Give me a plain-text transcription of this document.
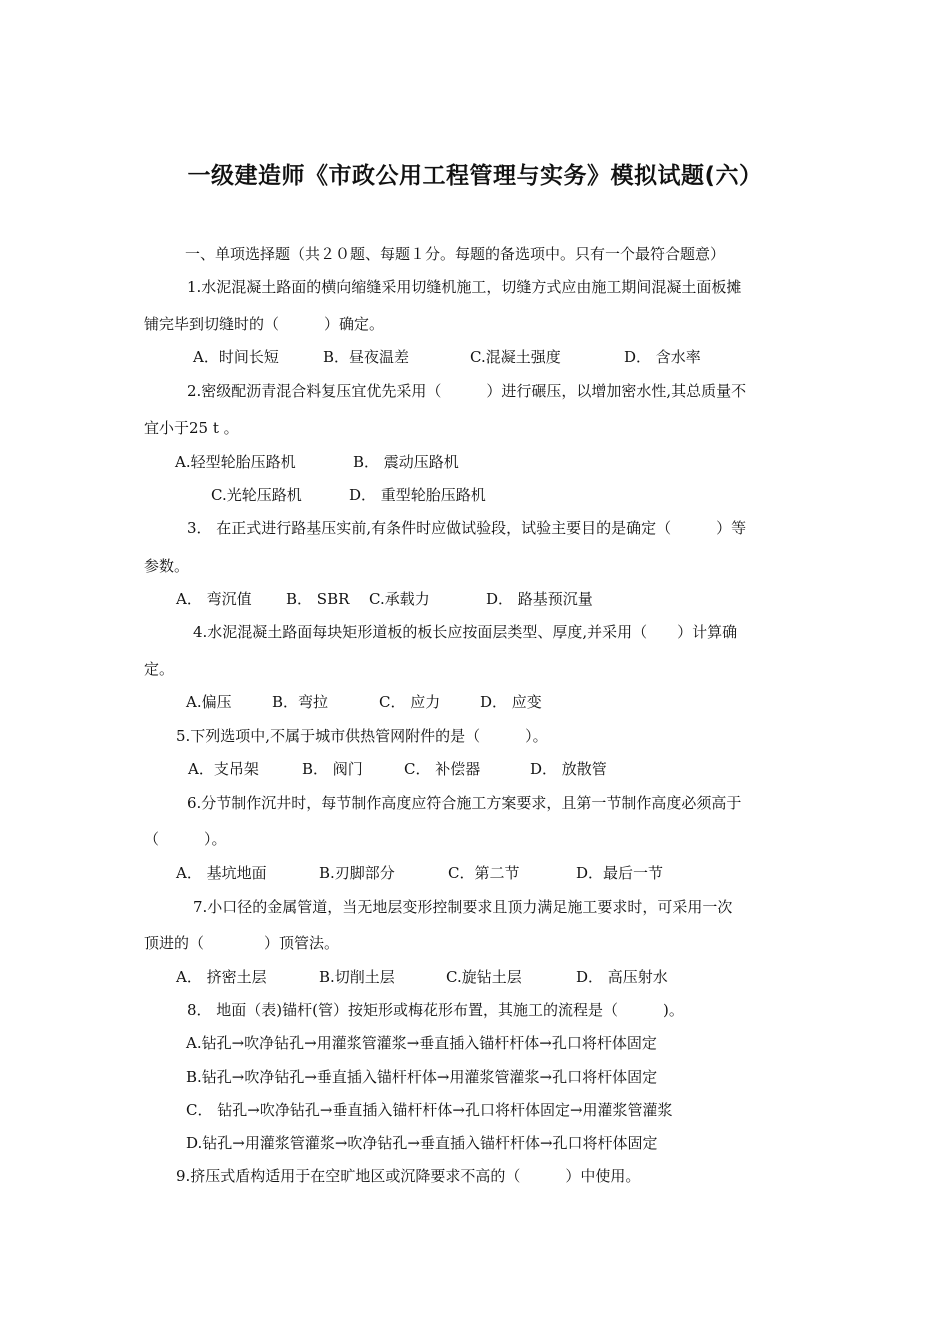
一级建造师《市政公用工程管理与实务》模拟试题(六）
一、单项选择题（共２０题、每题１分。每题的备选项中。只有一个最符合题意）
1.水泥混凝土路面的横向缩缝采用切缝机施工，切缝方式应由施工期间混凝土面板摊
铺完毕到切缝时的（　　　）确定。
A．时间长短	B．昼夜温差	C.混凝土强度	D． 含水率
2.密级配沥青混合料复压宜优先采用（　　　）进行碾压，以增加密水性,其总质量不
宜小于25 t 。
A.轻型轮胎压路机	B． 震动压路机
C.光轮压路机	D． 重型轮胎压路机
3． 在正式进行路基压实前,有条件时应做试验段，试验主要目的是确定（　　　）等
参数。
A． 弯沉值 B． SBR C.承载力	D． 路基预沉量
4.水泥混凝土路面每块矩形道板的板长应按面层类型、厚度,并采用（　　）计算确
定。
A.偏压	B．弯拉	C． 应力	D． 应变
5.下列选项中,不属于城市供热管网附件的是（　　　）。
A．支吊架	B． 阀门	C． 补偿器	D． 放散管
6.分节制作沉井时，每节制作高度应符合施工方案要求，且第一节制作高度必须高于
（　　　）。
A． 基坑地面	B.刃脚部分	C．第二节	D．最后一节
7.小口径的金属管道，当无地层变形控制要求且顶力满足施工要求时，可采用一次
顶进的（　　　　）顶管法。
A． 挤密土层	B.切削土层	C.旋钻土层	D． 高压射水
8． 地面（表)锚杆(管）按矩形或梅花形布置，其施工的流程是（　　　)。
A.钻孔→吹净钻孔→用灌浆管灌浆→垂直插入锚杆杆体→孔口将杆体固定
B.钻孔→吹净钻孔→垂直插入锚杆杆体→用灌浆管灌浆→孔口将杆体固定
C． 钻孔→吹净钻孔→垂直插入锚杆杆体→孔口将杆体固定→用灌浆管灌浆
D.钻孔→用灌浆管灌浆→吹净钻孔→垂直插入锚杆杆体→孔口将杆体固定
9.挤压式盾构适用于在空旷地区或沉降要求不高的（　　　）中使用。
